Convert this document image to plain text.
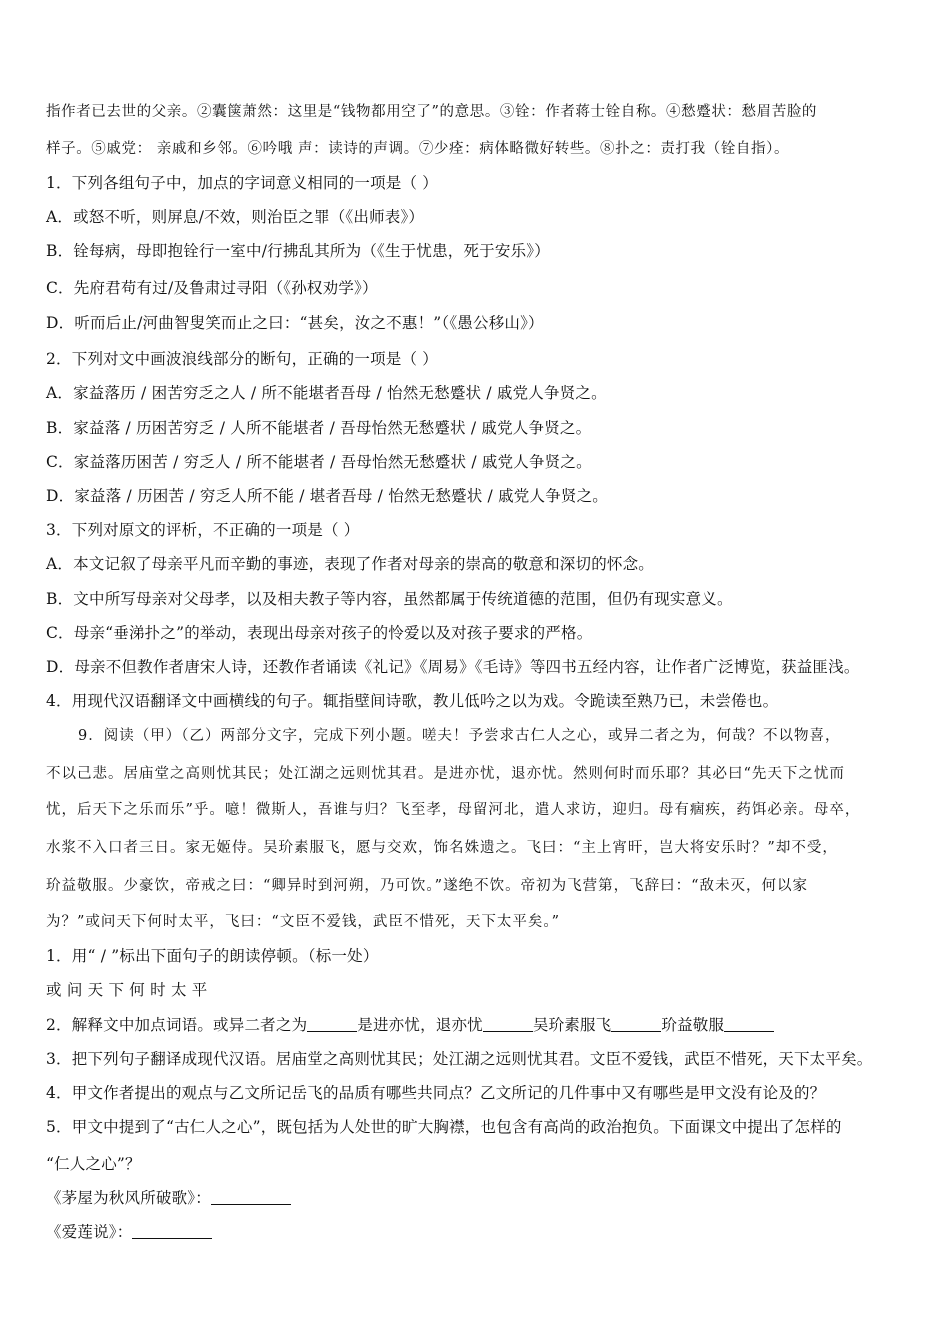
指作者已去世的父亲。②囊箧萧然：这里是“钱物都用空了”的意思。③铨：作者蒋士铨自称。④愁蹙状：愁眉苦脸的
样子。⑤戚党： 亲戚和乡邻。⑥吟哦 声：读诗的声调。⑦少痊：病体略微好转些。⑧扑之：责打我（铨自指）。
1．下列各组句子中，加点的字词意义相同的一项是（ ）
A．或怒不听，则屏息/不效，则治臣之罪（《出师表》）
B．铨每病，母即抱铨行一室中/行拂乱其所为（《生于忧患，死于安乐》）
C．先府君苟有过/及鲁肃过寻阳（《孙权劝学》）
D．听而后止/河曲智叟笑而止之曰：“甚矣，汝之不惠！”（《愚公移山》）
2．下列对文中画波浪线部分的断句，正确的一项是（ ）
A．家益落历 / 困苦穷乏之人 / 所不能堪者吾母 / 怡然无愁蹙状 / 戚党人争贤之。
B．家益落 / 历困苦穷乏 / 人所不能堪者 / 吾母怡然无愁蹙状 / 戚党人争贤之。
C．家益落历困苦 / 穷乏人 / 所不能堪者 / 吾母怡然无愁蹙状 / 戚党人争贤之。
D．家益落 / 历困苦 / 穷乏人所不能 / 堪者吾母 / 怡然无愁蹙状 / 戚党人争贤之。
3．下列对原文的评析，不正确的一项是（ ）
A．本文记叙了母亲平凡而辛勤的事迹，表现了作者对母亲的崇高的敬意和深切的怀念。
B．文中所写母亲对父母孝，以及相夫教子等内容，虽然都属于传统道德的范围，但仍有现实意义。
C．母亲“垂涕扑之”的举动，表现出母亲对孩子的怜爱以及对孩子要求的严格。
D．母亲不但教作者唐宋人诗，还教作者诵读《礼记》《周易》《毛诗》等四书五经内容，让作者广泛博览，获益匪浅。
4．用现代汉语翻译文中画横线的句子。辄指壁间诗歌，教儿低吟之以为戏。令跪读至熟乃已，未尝倦也。
9．阅读（甲）（乙）两部分文字，完成下列小题。嗟夫！予尝求古仁人之心，或异二者之为，何哉？不以物喜，
不以己悲。居庙堂之高则忧其民；处江湖之远则忧其君。是进亦忧，退亦忧。然则何时而乐耶？其必曰“先天下之忧而
忧，后天下之乐而乐”乎。噫！微斯人，吾谁与归？飞至孝，母留河北，遣人求访，迎归。母有痼疾，药饵必亲。母卒，
水浆不入口者三日。家无姬侍。吴玠素服飞，愿与交欢，饰名姝遗之。飞曰：“主上宵旰，岂大将安乐时？”却不受，
玠益敬服。少豪饮，帝戒之曰：“卿异时到河朔，乃可饮。”遂绝不饮。帝初为飞营第，飞辞曰：“敌未灭，何以家
为？”或问天下何时太平，飞曰：“文臣不爱钱，武臣不惜死，天下太平矣。”
1．用“ / ”标出下面句子的朗读停顿。（标一处）
或 问 天 下 何 时 太 平
2．解释文中加点词语。或异二者之为	是进亦忧，退亦忧	吴玠素服飞	玠益敬服
3．把下列句子翻译成现代汉语。居庙堂之高则忧其民；处江湖之远则忧其君。文臣不爱钱，武臣不惜死，天下太平矣。
4．甲文作者提出的观点与乙文所记岳飞的品质有哪些共同点？乙文所记的几件事中又有哪些是甲文没有论及的？
5．甲文中提到了“古仁人之心”，既包括为人处世的旷大胸襟，也包含有高尚的政治抱负。下面课文中提出了怎样的
“仁人之心”？
《茅屋为秋风所破歌》：
《爱莲说》：
